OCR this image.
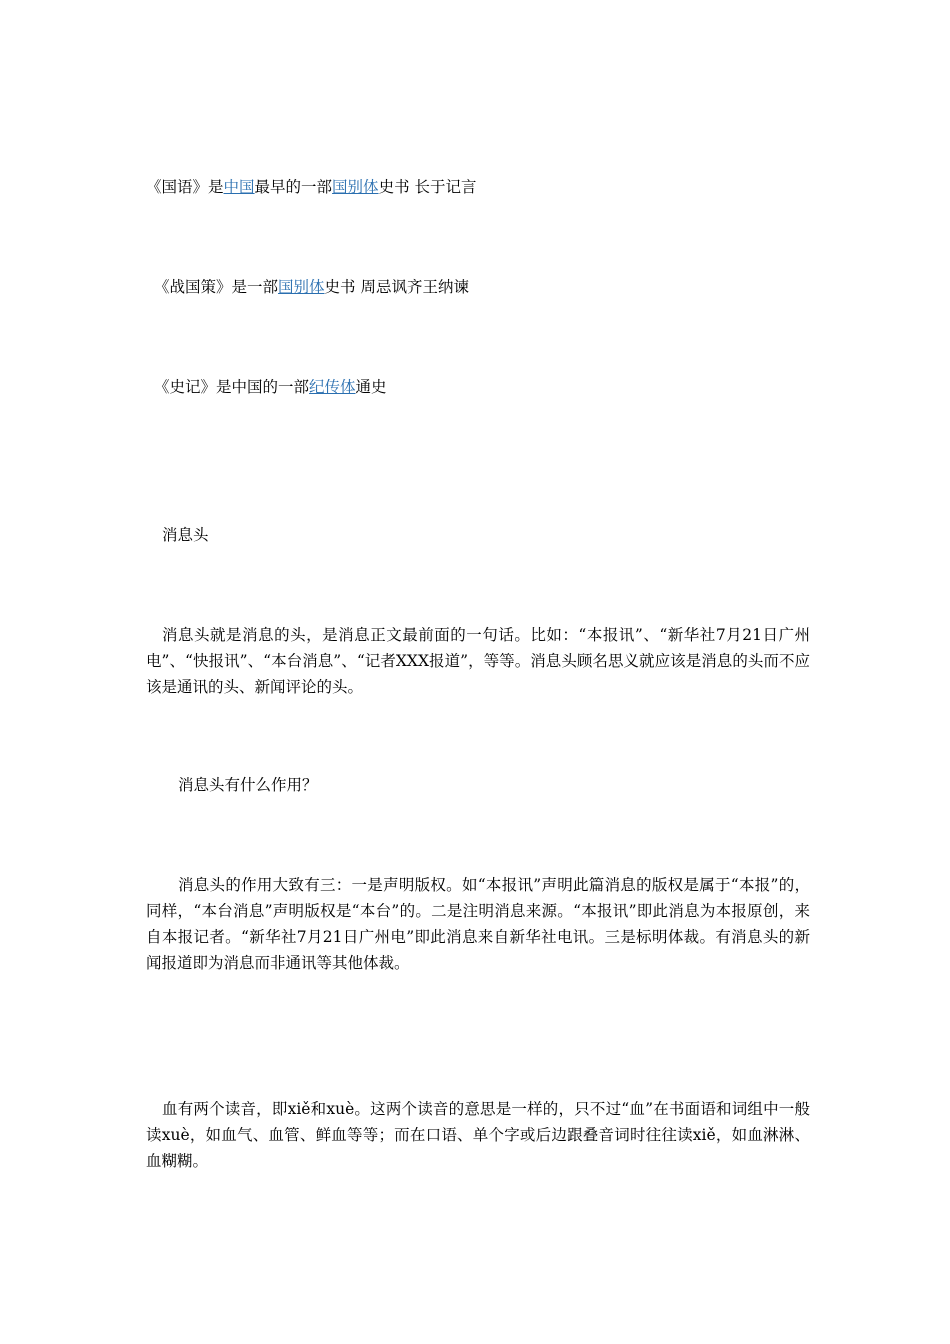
《国语》是中国最早的一部国别体史书 长于记言
《战国策》是一部国别体史书 周忌讽齐王纳谏
《史记》是中国的一部纪传体通史
消息头
消息头就是消息的头，是消息正文最前面的一句话。比如：“本报讯”、“新华社7月21日广州电”、“快报讯”、“本台消息”、“记者XXX报道”，等等。消息头顾名思义就应该是消息的头而不应该是通讯的头、新闻评论的头。
消息头有什么作用？
消息头的作用大致有三：一是声明版权。如“本报讯”声明此篇消息的版权是属于“本报”的，同样，“本台消息”声明版权是“本台”的。二是注明消息来源。“本报讯”即此消息为本报原创，来自本报记者。“新华社7月21日广州电”即此消息来自新华社电讯。三是标明体裁。有消息头的新闻报道即为消息而非通讯等其他体裁。
血有两个读音，即xiě和xuè。这两个读音的意思是一样的，只不过“血”在书面语和词组中一般读xuè，如血气、血管、鲜血等等；而在口语、单个字或后边跟叠音词时往往读xiě，如血淋淋、血糊糊。
